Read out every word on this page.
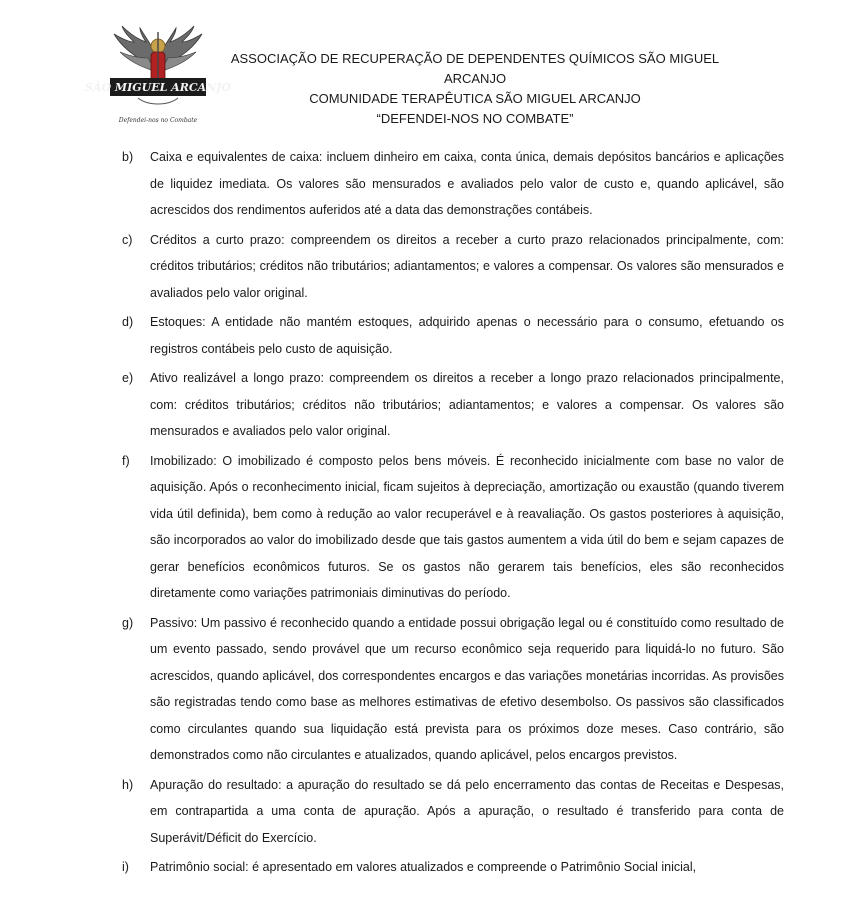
SÃO MIGUEL ARCANJO
Defendei-nos no Combate
ASSOCIAÇÃO DE RECUPERAÇÃO DE DEPENDENTES QUÍMICOS SÃO MIGUEL ARCANJO
COMUNIDADE TERAPÊUTICA SÃO MIGUEL ARCANJO
“DEFENDEI-NOS NO COMBATE”
b)	Caixa e equivalentes de caixa: incluem dinheiro em caixa, conta única, demais depósitos bancários e aplicações de liquidez imediata. Os valores são mensurados e avaliados pelo valor de custo e, quando aplicável, são acrescidos dos rendimentos auferidos até a data das demonstrações contábeis.
c)	Créditos a curto prazo: compreendem os direitos a receber a curto prazo relacionados principalmente, com: créditos tributários; créditos não tributários; adiantamentos; e valores a compensar. Os valores são mensurados e avaliados pelo valor original.
d)	Estoques: A entidade não mantém estoques, adquirido apenas o necessário para o consumo, efetuando os registros contábeis pelo custo de aquisição.
e)	Ativo realizável a longo prazo: compreendem os direitos a receber a longo prazo relacionados principalmente, com: créditos tributários; créditos não tributários; adiantamentos; e valores a compensar. Os valores são mensurados e avaliados pelo valor original.
f)	Imobilizado: O imobilizado é composto pelos bens móveis. É reconhecido inicialmente com base no valor de aquisição. Após o reconhecimento inicial, ficam sujeitos à depreciação, amortização ou exaustão (quando tiverem vida útil definida), bem como à redução ao valor recuperável e à reavaliação. Os gastos posteriores à aquisição, são incorporados ao valor do imobilizado desde que tais gastos aumentem a vida útil do bem e sejam capazes de gerar benefícios econômicos futuros. Se os gastos não gerarem tais benefícios, eles são reconhecidos diretamente como variações patrimoniais diminutivas do período.
g)	Passivo: Um passivo é reconhecido quando a entidade possui obrigação legal ou é constituído como resultado de um evento passado, sendo provável que um recurso econômico seja requerido para liquidá-lo no futuro. São acrescidos, quando aplicável, dos correspondentes encargos e das variações monetárias incorridas. As provisões são registradas tendo como base as melhores estimativas de efetivo desembolso. Os passivos são classificados como circulantes quando sua liquidação está prevista para os próximos doze meses. Caso contrário, são demonstrados como não circulantes e atualizados, quando aplicável, pelos encargos previstos.
h)	Apuração do resultado: a apuração do resultado se dá pelo encerramento das contas de Receitas e Despesas, em contrapartida a uma conta de apuração. Após a apuração, o resultado é transferido para conta de Superávit/Déficit do Exercício.
i)	Patrimônio social: é apresentado em valores atualizados e compreende o Patrimônio Social inicial,
